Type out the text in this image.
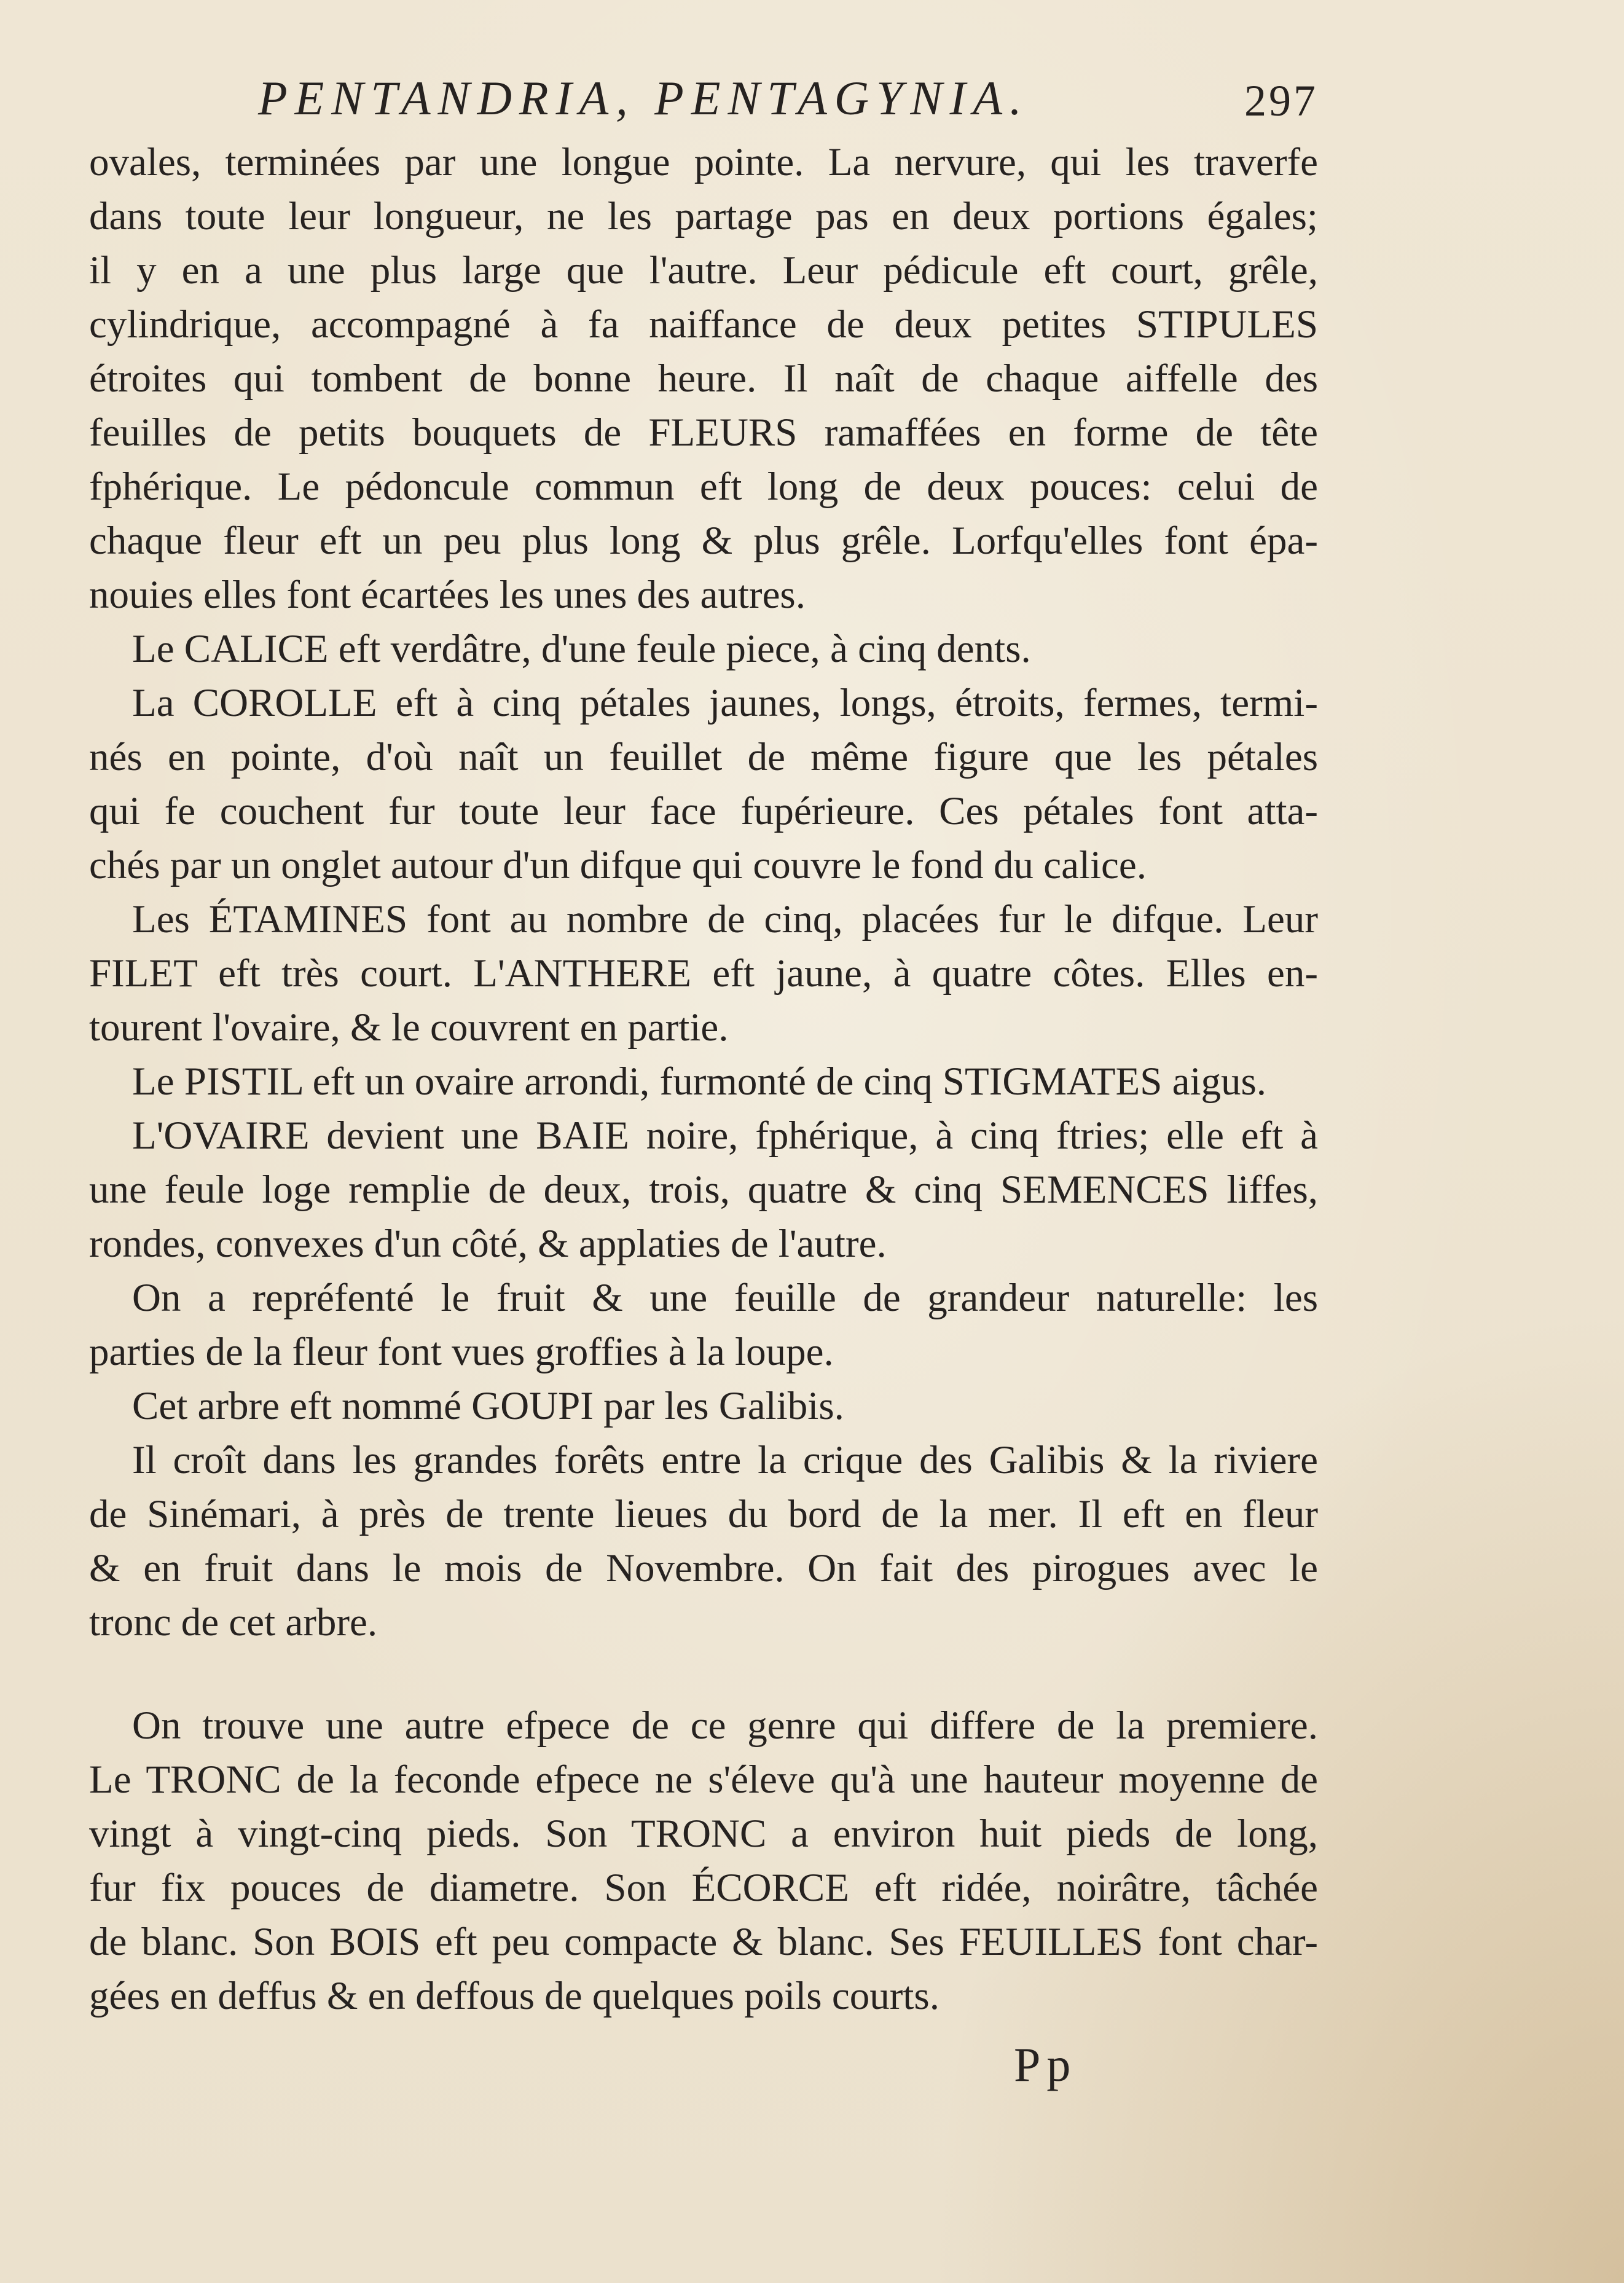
PENTANDRIA, PENTAGYNIA.	297
ovales, terminées par une longue pointe. La nervure, qui les traverfe
dans toute leur longueur, ne les partage pas en deux portions égales;
il y en a une plus large que l'autre. Leur pédicule eft court, grêle,
cylindrique, accompagné à fa naiffance de deux petites STIPULES
étroites qui tombent de bonne heure. Il naît de chaque aiffelle des
feuilles de petits bouquets de FLEURS ramaffées en forme de tête
fphérique. Le pédoncule commun eft long de deux pouces: celui de
chaque fleur eft un peu plus long & plus grêle. Lorfqu'elles font épa-
nouies elles font écartées les unes des autres.
Le CALICE eft verdâtre, d'une feule piece, à cinq dents.
La COROLLE eft à cinq pétales jaunes, longs, étroits, fermes, termi-
nés en pointe, d'où naît un feuillet de même figure que les pétales
qui fe couchent fur toute leur face fupérieure. Ces pétales font atta-
chés par un onglet autour d'un difque qui couvre le fond du calice.
Les ÉTAMINES font au nombre de cinq, placées fur le difque. Leur
FILET eft très court. L'ANTHERE eft jaune, à quatre côtes. Elles en-
tourent l'ovaire, & le couvrent en partie.
Le PISTIL eft un ovaire arrondi, furmonté de cinq STIGMATES aigus.
L'OVAIRE devient une BAIE noire, fphérique, à cinq ftries; elle eft à
une feule loge remplie de deux, trois, quatre & cinq SEMENCES liffes,
rondes, convexes d'un côté, & applaties de l'autre.
On a repréfenté le fruit & une feuille de grandeur naturelle: les
parties de la fleur font vues groffies à la loupe.
Cet arbre eft nommé GOUPI par les Galibis.
Il croît dans les grandes forêts entre la crique des Galibis & la riviere
de Sinémari, à près de trente lieues du bord de la mer. Il eft en fleur
& en fruit dans le mois de Novembre. On fait des pirogues avec le
tronc de cet arbre.
On trouve une autre efpece de ce genre qui differe de la premiere.
Le TRONC de la feconde efpece ne s'éleve qu'à une hauteur moyenne de
vingt à vingt-cinq pieds. Son TRONC a environ huit pieds de long,
fur fix pouces de diametre. Son ÉCORCE eft ridée, noirâtre, tâchée
de blanc. Son BOIS eft peu compacte & blanc. Ses FEUILLES font char-
gées en deffus & en deffous de quelques poils courts.
Pp
